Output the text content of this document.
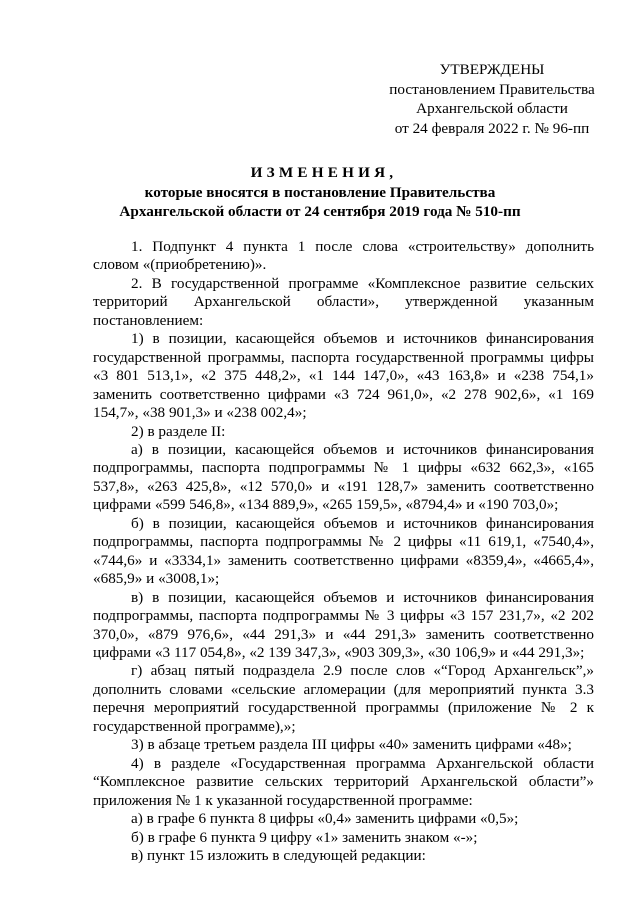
УТВЕРЖДЕНЫ
постановлением Правительства
Архангельской области
от 24 февраля 2022 г. № 96-пп
ИЗМЕНЕНИЯ,
которые вносятся в постановление Правительства
Архангельской области от 24 сентября 2019 года № 510-пп

1. Подпункт 4 пункта 1 после слова «строительству» дополнить словом «(приобретению)».

2. В государственной программе «Комплексное развитие сельских территорий Архангельской области», утвержденной указанным постановлением:

1) в позиции, касающейся объемов и источников финансирования государственной программы, паспорта государственной программы цифры «3 801 513,1», «2 375 448,2», «1 144 147,0», «43 163,8» и «238 754,1» заменить соответственно цифрами «3 724 961,0», «2 278 902,6», «1 169 154,7», «38 901,3» и «238 002,4»;

2) в разделе II:

а) в позиции, касающейся объемов и источников финансирования подпрограммы, паспорта подпрограммы № 1 цифры «632 662,3», «165 537,8», «263 425,8», «12 570,0» и «191 128,7» заменить соответственно цифрами «599 546,8», «134 889,9», «265 159,5», «8794,4» и «190 703,0»;

б) в позиции, касающейся объемов и источников финансирования подпрограммы, паспорта подпрограммы № 2 цифры «11 619,1, «7540,4», «744,6» и «3334,1» заменить соответственно цифрами «8359,4», «4665,4», «685,9» и «3008,1»;

в) в позиции, касающейся объемов и источников финансирования подпрограммы, паспорта подпрограммы № 3 цифры «3 157 231,7», «2 202 370,0», «879 976,6», «44 291,3» и «44 291,3» заменить соответственно цифрами «3 117 054,8», «2 139 347,3», «903 309,3», «30 106,9» и «44 291,3»;

г) абзац пятый подраздела 2.9 после слов «“Город Архангельск”,» дополнить словами «сельские агломерации (для мероприятий пункта 3.3 перечня мероприятий государственной программы (приложение № 2 к государственной программе),»;

3) в абзаце третьем раздела III цифры «40» заменить цифрами «48»;

4) в разделе «Государственная программа Архангельской области “Комплексное развитие сельских территорий Архангельской области”» приложения № 1 к указанной государственной программе:

а) в графе 6 пункта 8 цифры «0,4» заменить цифрами «0,5»;

б) в графе 6 пункта 9 цифру «1» заменить знаком «-»;

в) пункт 15 изложить в следующей редакции:
